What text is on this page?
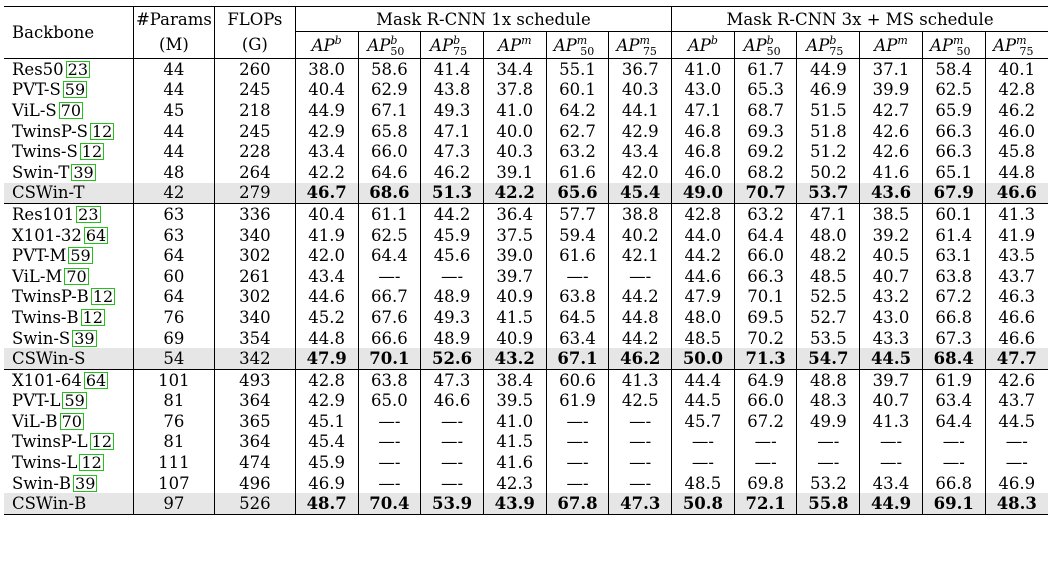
Backbone	#Params	FLOPs	Mask R-CNN 1x schedule						Mask R-CNN 3x + MS schedule					
	(M)	(G)	$AP^b$	$AP^b_{50}$	$AP^b_{75}$	$AP^m$	$AP^m_{50}$	$AP^m_{75}$	$AP^b$	$AP^b_{50}$	$AP^b_{75}$	$AP^m$	$AP^m_{50}$	$AP^m_{75}$
Res50 23	44	260	38.0	58.6	41.4	34.4	55.1	36.7	41.0	61.7	44.9	37.1	58.4	40.1
PVT-S 59	44	245	40.4	62.9	43.8	37.8	60.1	40.3	43.0	65.3	46.9	39.9	62.5	42.8
ViL-S 70	45	218	44.9	67.1	49.3	41.0	64.2	44.1	47.1	68.7	51.5	42.7	65.9	46.2
TwinsP-S 12	44	245	42.9	65.8	47.1	40.0	62.7	42.9	46.8	69.3	51.8	42.6	66.3	46.0
Twins-S 12	44	228	43.4	66.0	47.3	40.3	63.2	43.4	46.8	69.2	51.2	42.6	66.3	45.8
Swin-T 39	48	264	42.2	64.6	46.2	39.1	61.6	42.0	46.0	68.2	50.2	41.6	65.1	44.8
CSWin-T	42	279	46.7	68.6	51.3	42.2	65.6	45.4	49.0	70.7	53.7	43.6	67.9	46.6
Res101 23	63	336	40.4	61.1	44.2	36.4	57.7	38.8	42.8	63.2	47.1	38.5	60.1	41.3
X101-32 64	63	340	41.9	62.5	45.9	37.5	59.4	40.2	44.0	64.4	48.0	39.2	61.4	41.9
PVT-M 59	64	302	42.0	64.4	45.6	39.0	61.6	42.1	44.2	66.0	48.2	40.5	63.1	43.5
ViL-M 70	60	261	43.4	—-	—-	39.7	—-	—-	44.6	66.3	48.5	40.7	63.8	43.7
TwinsP-B 12	64	302	44.6	66.7	48.9	40.9	63.8	44.2	47.9	70.1	52.5	43.2	67.2	46.3
Twins-B 12	76	340	45.2	67.6	49.3	41.5	64.5	44.8	48.0	69.5	52.7	43.0	66.8	46.6
Swin-S 39	69	354	44.8	66.6	48.9	40.9	63.4	44.2	48.5	70.2	53.5	43.3	67.3	46.6
CSWin-S	54	342	47.9	70.1	52.6	43.2	67.1	46.2	50.0	71.3	54.7	44.5	68.4	47.7
X101-64 64	101	493	42.8	63.8	47.3	38.4	60.6	41.3	44.4	64.9	48.8	39.7	61.9	42.6
PVT-L 59	81	364	42.9	65.0	46.6	39.5	61.9	42.5	44.5	66.0	48.3	40.7	63.4	43.7
ViL-B 70	76	365	45.1	—-	—-	41.0	—-	—-	45.7	67.2	49.9	41.3	64.4	44.5
TwinsP-L 12	81	364	45.4	—-	—-	41.5	—-	—-	—-	—-	—-	—-	—-	—-
Twins-L 12	111	474	45.9	—-	—-	41.6	—-	—-	—-	—-	—-	—-	—-	—-
Swin-B 39	107	496	46.9	—-	—-	42.3	—-	—-	48.5	69.8	53.2	43.4	66.8	46.9
CSWin-B	97	526	48.7	70.4	53.9	43.9	67.8	47.3	50.8	72.1	55.8	44.9	69.1	48.3
